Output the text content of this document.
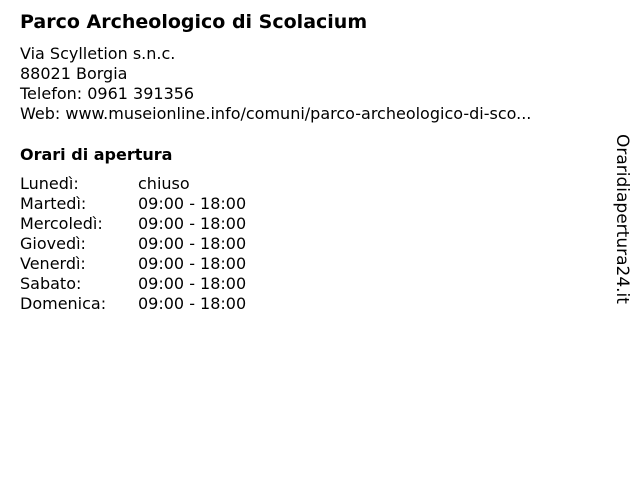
Parco Archeologico di Scolacium
Via Scylletion s.n.c.
88021 Borgia
Telefon: 0961 391356
Web: www.museionline.info/comuni/parco-archeologico-di-sco...
Orari di apertura
Lunedì:	chiuso
Martedì:	09:00 - 18:00
Mercoledì: 09:00 - 18:00
Giovedì:	09:00 - 18:00
Venerdì:	09:00 - 18:00
Sabato:	09:00 - 18:00
Domenica: 09:00 - 18:00	Oraridiapertura24.it
